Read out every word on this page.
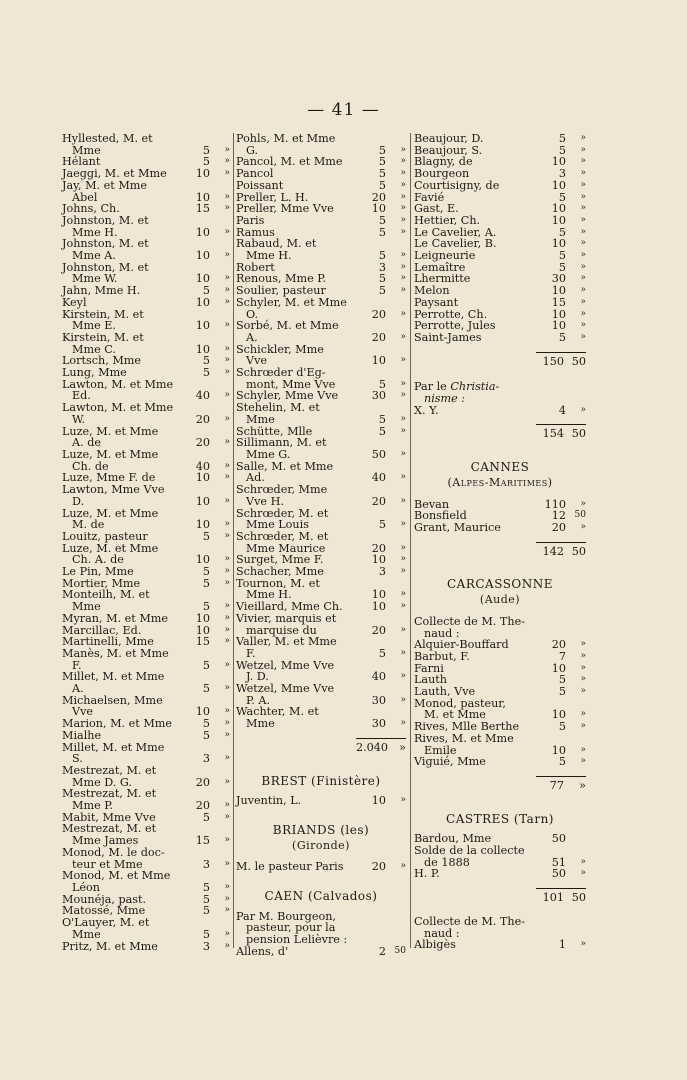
— 41 —
Hyllested, M. et
Mme	5	»
Hélant	5	»
Jaeggi, M. et Mme	10	»
Jay, M. et Mme
Abel	10	»
Johns, Ch.	15	»
Johnston, M. et
Mme H.	10	»
Johnston, M. et
Mme A.	10	»
Johnston, M. et
Mme W.	10	»
Jahn, Mme H.	5	»
Keyl	10	»
Kirstein, M. et
Mme E.	10	»
Kirstein, M. et
Mme C.	10	»
Lortsch, Mme	5	»
Lung, Mme	5	»
Lawton, M. et Mme
Ed.	40	»
Lawton, M. et Mme
W.	20	»
Luze, M. et Mme
A. de	20	»
Luze, M. et Mme
Ch. de	40	»
Luze, Mme F. de	10	»
Lawton, Mme Vve
D.	10	»
Luze, M. et Mme
M. de	10	»
Louitz, pasteur	5	»
Luze, M. et Mme
Ch. A. de	10	»
Le Pin, Mme	5	»
Mortier, Mme	5	»
Monteilh, M. et
Mme	5	»
Myran, M. et Mme	10	»
Marcillac, Ed.	10	»
Martinelli, Mme	15	»
Manès, M. et Mme
F.	5	»
Millet, M. et Mme
A.	5	»
Michaelsen, Mme
Vve	10	»
Marion, M. et Mme	5	»
Mialhe	5	»
Millet, M. et Mme
S.	3	»
Mestrezat, M. et
Mme D. G.	20	»
Mestrezat, M. et
Mme P.	20	»
Mabit, Mme Vve	5	»
Mestrezat, M. et
Mme James	15	»
Monod, M. le doc-
teur et Mme	3	»
Monod, M. et Mme
Léon	5	»
Mounéja, past.	5	»
Matossé, Mme	5	»
O'Lauyer, M. et
Mme	5	»
Pritz, M. et Mme	3	»
Pohls, M. et Mme
G.	5	»
Pancol, M. et Mme	5	»
Pancol	5	»
Poissant	5	»
Preller, L. H.	20	»
Preller, Mme Vve	10	»
Paris	5	»
Ramus	5	»
Rabaud, M. et
Mme H.	5	»
Robert	3	»
Renous, Mme P.	5	»
Soulier, pasteur	5	»
Schyler, M. et Mme
O.	20	»
Sorbé, M. et Mme
A.	20	»
Schickler, Mme
Vve	10	»
Schrœder d'Eg-
mont, Mme Vve	5	»
Schyler, Mme Vve	30	»
Stehelin, M. et
Mme	5	»
Schütte, Mlle	5	»
Sillimann, M. et
Mme G.	50	»
Salle, M. et Mme
Ad.	40	»
Schrœder, Mme
Vve H.	20	»
Schrœder, M. et
Mme Louis	5	»
Schrœder, M. et
Mme Maurice	20	»
Surget, Mme F.	10	»
Schacher, Mme	3	»
Tournon, M. et
Mme H.	10	»
Vieillard, Mme Ch.	10	»
Vivier, marquis et
marquise du	20	»
Valler, M. et Mme
F.	5	»
Wetzel, Mme Vve
J. D.	40	»
Wetzel, Mme Vve
P. A.	30	»
Wachter, M. et
Mme	30	»
2.040 »
BREST (Finistère)
Juventin, L.	10	»
BRIANDS (les)
(Gironde)
M. le pasteur Paris	20	»
CAEN (Calvados)
Par M. Bourgeon,
pasteur, pour la
pension Lelièvre :
Allens, d'	2 50
Beaujour, D.	5	»
Beaujour, S.	5	»
Blagny, de	10	»
Bourgeon	3	»
Courtisigny, de	10	»
Favié	5	»
Gast, E.	10	»
Hettier, Ch.	10	»
Le Cavelier, A.	5	»
Le Cavelier, B.	10	»
Leigneurie	5	»
Lemaître	5	»
Lhermitte	30	»
Melon	10	»
Paysant	15	»
Perrotte, Ch.	10	»
Perrotte, Jules	10	»
Saint-James	5	»
150 50
Par le Christia-
nisme :
X. Y.	4	»
154 50
CANNES
(Alpes-Maritimes)
Bevan	110	»
Bonsfield	12 50
Grant, Maurice	20	»
142 50
CARCASSONNE
(Aude)
Collecte de M. The-
naud :
Alquier-Bouffard	20	»
Barbut, F.	7	»
Farni	10	»
Lauth	5	»
Lauth, Vve	5	»
Monod, pasteur,
M. et Mme	10	»
Rives, Mlle Berthe	5	»
Rives, M. et Mme
Emile	10	»
Viguié, Mme	5	»
77	»
CASTRES (Tarn)
Bardou, Mme	50
Solde de la collecte
de 1888	51	»
H. P.	50	»
101 50
Collecte de M. The-
naud :
Albigès	1	»
